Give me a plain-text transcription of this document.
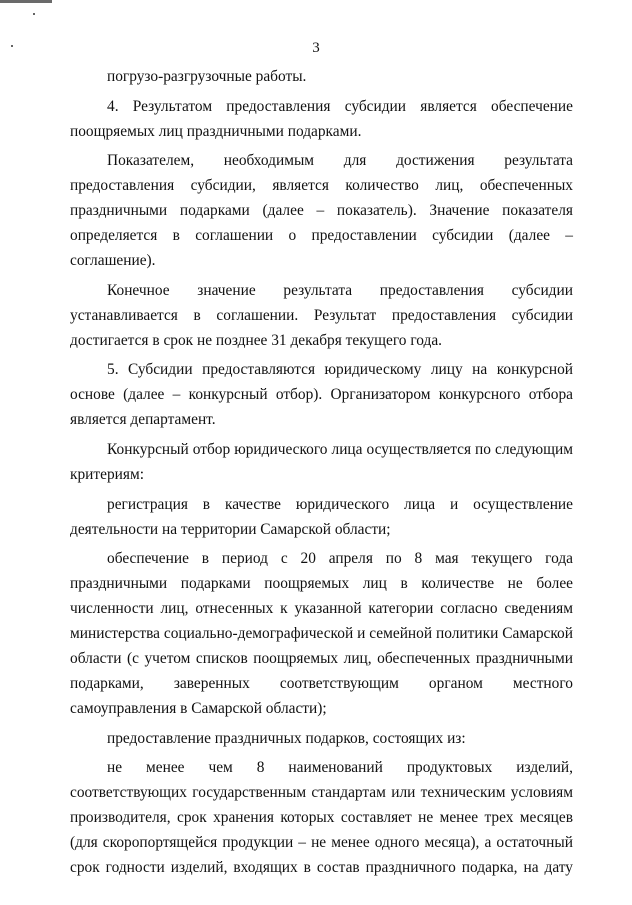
3

погрузо-разгрузочные работы.

4. Результатом предоставления субсидии является обеспечение поощряемых лиц праздничными подарками.

Показателем, необходимым для достижения результата предоставления субсидии, является количество лиц, обеспеченных праздничными подарками (далее – показатель). Значение показателя определяется в соглашении о предоставлении субсидии (далее – соглашение).

Конечное значение результата предоставления субсидии устанавливается в соглашении. Результат предоставления субсидии достигается в срок не позднее 31 декабря текущего года.

5. Субсидии предоставляются юридическому лицу на конкурсной основе (далее – конкурсный отбор). Организатором конкурсного отбора является департамент.

Конкурсный отбор юридического лица осуществляется по следующим критериям:

регистрация в качестве юридического лица и осуществление деятельности на территории Самарской области;

обеспечение в период с 20 апреля по 8 мая текущего года праздничными подарками поощряемых лиц в количестве не более численности лиц, отнесенных к указанной категории согласно сведениям министерства социально-демографической и семейной политики Самарской области (с учетом списков поощряемых лиц, обеспеченных праздничными подарками, заверенных соответствующим органом местного самоуправления в Самарской области);

предоставление праздничных подарков, состоящих из:

не менее чем 8 наименований продуктовых изделий, соответствующих государственным стандартам или техническим условиям производителя, срок хранения которых составляет не менее трех месяцев (для скоропортящейся продукции – не менее одного месяца), а остаточный срок годности изделий, входящих в состав праздничного подарка, на дату
